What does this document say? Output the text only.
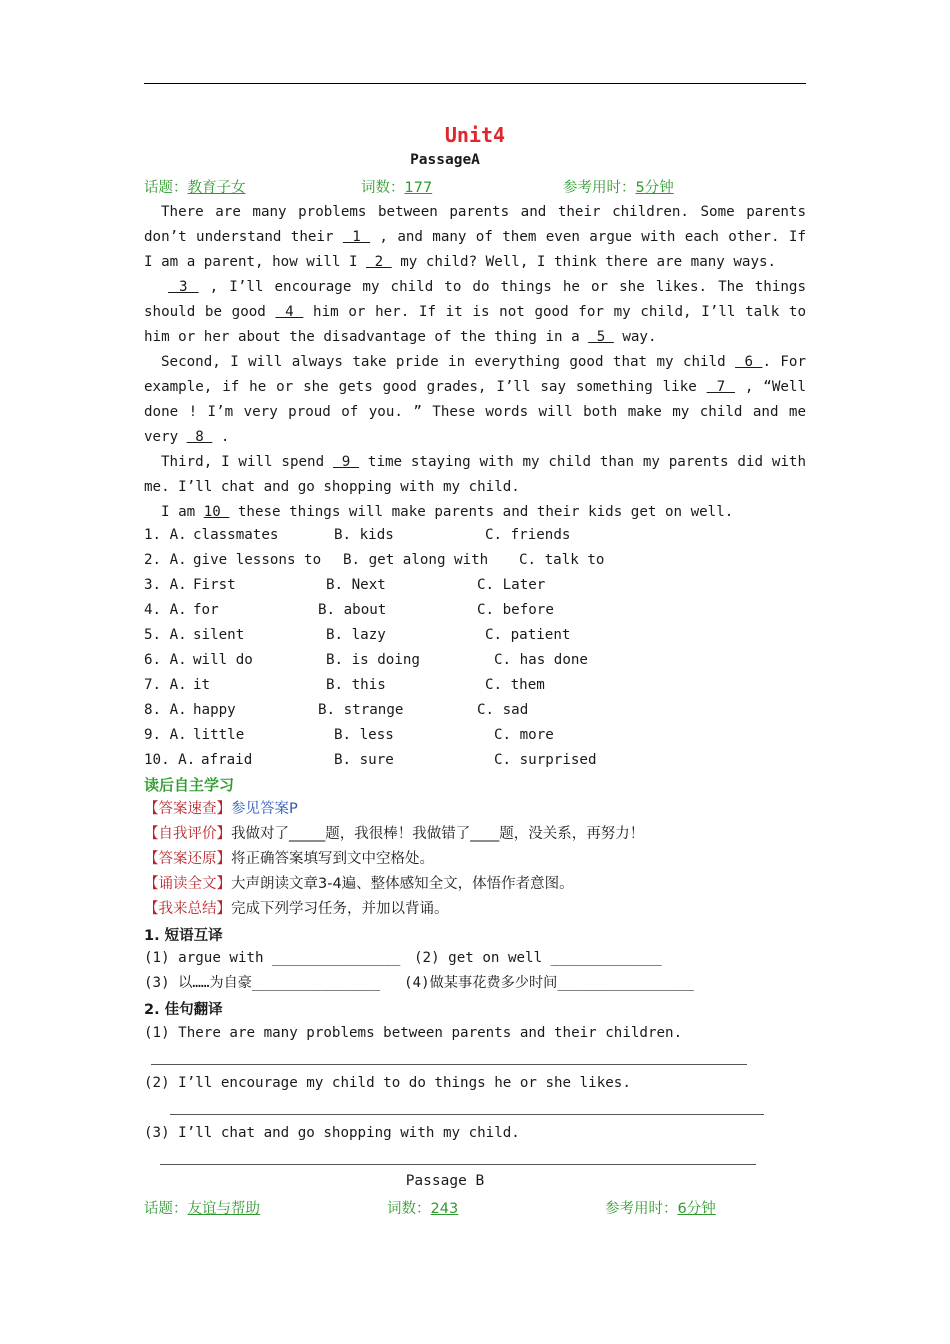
Unit4
PassageA
话题：教育子女	词数：177	参考用时：5分钟

There are many problems between parents and their children. Some parents don’t understand their  1  , and many of them even argue with each other. If I am a parent, how will I  2  my child? Well, I think there are many ways.
3  , I’ll encourage my child to do things he or she likes. The things should be good  4  him or her. If it is not good for my child, I’ll talk to him or her about the disadvantage of the thing in a  5  way.

Second, I will always take pride in everything good that my child  6 . For example, if he or she gets good grades, I’ll say something like  7  , “Well done ! I’m very proud of you. ” These words will both make my child and me very  8  .

Third, I will spend  9  time staying with my child than my parents did with me. I’ll chat and go shopping with my child.

I am 10  these things will make parents and their kids get on well.

1. A. classmates	B. kids	C. friends
2. A. give lessons to B. get along with C. talk to
3. A. First	B. Next	C. Later
4. A. for	B. about	C. before
5. A. silent	B. lazy	C. patient
6. A. will do	B. is doing	C. has done
7. A. it	B. this	C. them
8. A. happy	B. strange	C. sad
9. A. little	B. less	C. more
10. A. afraid	B. sure	C. surprised
读后自主学习
【答案速查】参见答案P
【自我评价】我做对了_____题，我很棒！我做错了____题，没关系，再努力！
【答案还原】将正确答案填写到文中空格处。
【诵读全文】大声朗读文章3-4遍、整体感知全文，体悟作者意图。
【我来总结】完成下列学习任务，并加以背诵。
1. 短语互译
(1) argue with _______________ (2) get on well _____________
(3) 以……为自豪_______________ (4)做某事花费多少时间________________
2. 佳句翻译
(1) There are many problems between parents and their children.
(2) I’ll encourage my child to do things he or she likes.
(3) I’ll chat and go shopping with my child.
Passage B
话题：友谊与帮助	词数：243	参考用时：6分钟
